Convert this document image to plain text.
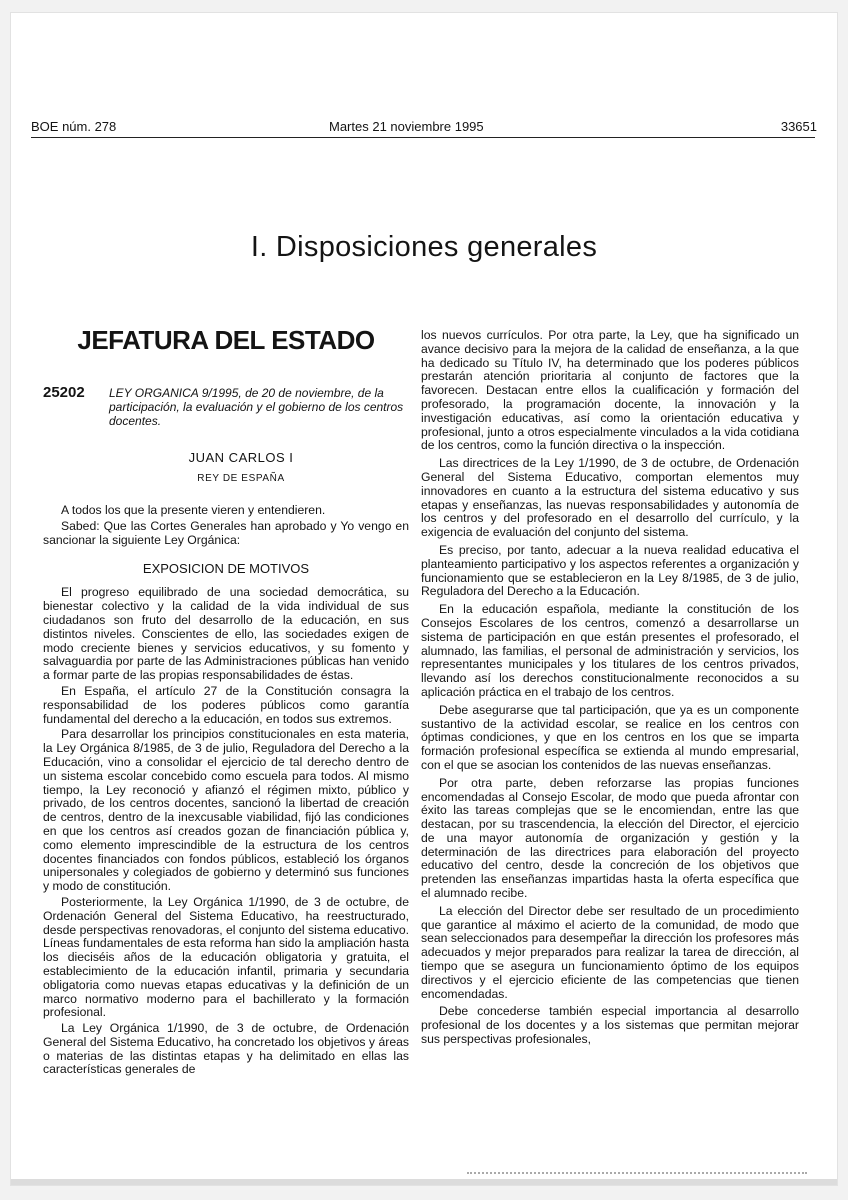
BOE núm. 278	Martes 21 noviembre 1995	33651
I. Disposiciones generales
JEFATURA DEL ESTADO
25202	LEY ORGANICA 9/1995, de 20 de noviembre, de la participación, la evaluación y el gobierno de los centros docentes.
JUAN CARLOS I
REY DE ESPAÑA

A todos los que la presente vieren y entendieren.

Sabed: Que las Cortes Generales han aprobado y Yo vengo en sancionar la siguiente Ley Orgánica:

EXPOSICION DE MOTIVOS

El progreso equilibrado de una sociedad democrática, su bienestar colectivo y la calidad de la vida individual de sus ciudadanos son fruto del desarrollo de la educación, en sus distintos niveles. Conscientes de ello, las sociedades exigen de modo creciente bienes y servicios educativos, y su fomento y salvaguardia por parte de las Administraciones públicas han venido a formar parte de las propias responsabilidades de éstas.

En España, el artículo 27 de la Constitución consagra la responsabilidad de los poderes públicos como garantía fundamental del derecho a la educación, en todos sus extremos.

Para desarrollar los principios constitucionales en esta materia, la Ley Orgánica 8/1985, de 3 de julio, Reguladora del Derecho a la Educación, vino a consolidar el ejercicio de tal derecho dentro de un sistema escolar concebido como escuela para todos. Al mismo tiempo, la Ley reconoció y afianzó el régimen mixto, público y privado, de los centros docentes, sancionó la libertad de creación de centros, dentro de la inexcusable viabilidad, fijó las condiciones en que los centros así creados gozan de financiación pública y, como elemento imprescindible de la estructura de los centros docentes financiados con fondos públicos, estableció los órganos unipersonales y colegiados de gobierno y determinó sus funciones y modo de constitución.

Posteriormente, la Ley Orgánica 1/1990, de 3 de octubre, de Ordenación General del Sistema Educativo, ha reestructurado, desde perspectivas renovadoras, el conjunto del sistema educativo. Líneas fundamentales de esta reforma han sido la ampliación hasta los dieciséis años de la educación obligatoria y gratuita, el establecimiento de la educación infantil, primaria y secundaria obligatoria como nuevas etapas educativas y la definición de un marco normativo moderno para el bachillerato y la formación profesional.

La Ley Orgánica 1/1990, de 3 de octubre, de Ordenación General del Sistema Educativo, ha concretado los objetivos y áreas o materias de las distintas etapas y ha delimitado en ellas las características generales de

los nuevos currículos. Por otra parte, la Ley, que ha significado un avance decisivo para la mejora de la calidad de enseñanza, a la que ha dedicado su Título IV, ha determinado que los poderes públicos prestarán atención prioritaria al conjunto de factores que la favorecen. Destacan entre ellos la cualificación y formación del profesorado, la programación docente, la innovación y la investigación educativas, así como la orientación educativa y profesional, junto a otros especialmente vinculados a la vida cotidiana de los centros, como la función directiva o la inspección.

Las directrices de la Ley 1/1990, de 3 de octubre, de Ordenación General del Sistema Educativo, comportan elementos muy innovadores en cuanto a la estructura del sistema educativo y sus etapas y enseñanzas, las nuevas responsabilidades y autonomía de los centros y del profesorado en el desarrollo del currículo, y la exigencia de evaluación del conjunto del sistema.

Es preciso, por tanto, adecuar a la nueva realidad educativa el planteamiento participativo y los aspectos referentes a organización y funcionamiento que se establecieron en la Ley 8/1985, de 3 de julio, Reguladora del Derecho a la Educación.

En la educación española, mediante la constitución de los Consejos Escolares de los centros, comenzó a desarrollarse un sistema de participación en que están presentes el profesorado, el alumnado, las familias, el personal de administración y servicios, los representantes municipales y los titulares de los centros privados, llevando así los derechos constitucionalmente reconocidos a su aplicación práctica en el trabajo de los centros.

Debe asegurarse que tal participación, que ya es un componente sustantivo de la actividad escolar, se realice en los centros con óptimas condiciones, y que en los centros en los que se imparta formación profesional específica se extienda al mundo empresarial, con el que se asocian los contenidos de las nuevas enseñanzas.

Por otra parte, deben reforzarse las propias funciones encomendadas al Consejo Escolar, de modo que pueda afrontar con éxito las tareas complejas que se le encomiendan, entre las que destacan, por su trascendencia, la elección del Director, el ejercicio de una mayor autonomía de organización y gestión y la determinación de las directrices para elaboración del proyecto educativo del centro, desde la concreción de los objetivos que pretenden las enseñanzas impartidas hasta la oferta específica que el alumnado recibe.

La elección del Director debe ser resultado de un procedimiento que garantice al máximo el acierto de la comunidad, de modo que sean seleccionados para desempeñar la dirección los profesores más adecuados y mejor preparados para realizar la tarea de dirección, al tiempo que se asegura un funcionamiento óptimo de los equipos directivos y el ejercicio eficiente de las competencias que tienen encomendadas.

Debe concederse también especial importancia al desarrollo profesional de los docentes y a los sistemas que permitan mejorar sus perspectivas profesionales,
